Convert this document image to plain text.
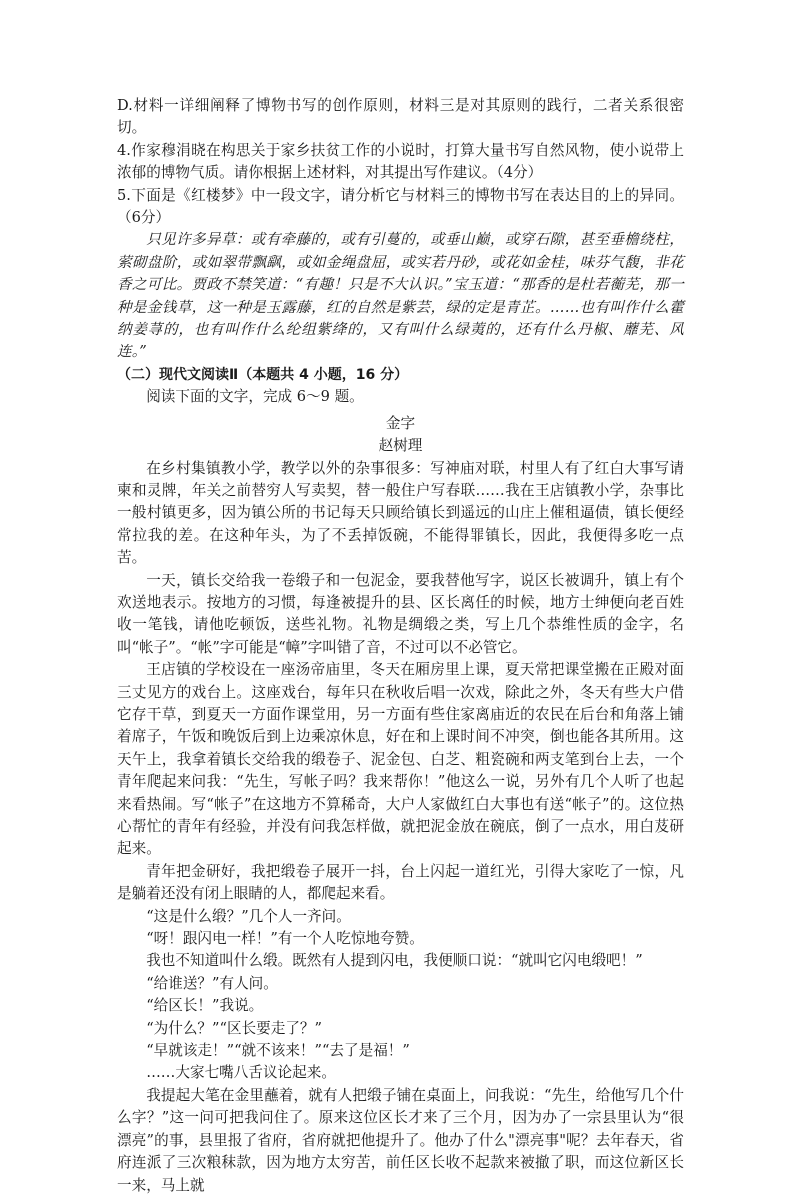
D.材料一详细阐释了博物书写的创作原则，材料三是对其原则的践行，二者关系很密切。

4.作家穆涓晓在构思关于家乡扶贫工作的小说时，打算大量书写自然风物，使小说带上浓郁的博物气质。请你根据上述材料，对其提出写作建议。（4分）

5.下面是《红楼梦》中一段文字，请分析它与材料三的博物书写在表达目的上的异同。（6分）

只见许多异草：或有牵藤的，或有引蔓的，或垂山巅，或穿石隙，甚至垂檐绕柱，萦砌盘阶，或如翠带飘飖，或如金绳盘屈，或实若丹砂，或花如金桂，味芬气馥，非花香之可比。贾政不禁笑道：“有趣！只是不大认识。”宝玉道：“那香的是杜若蘅芜，那一种是金钱草，这一种是玉露藤，红的自然是紫芸，绿的定是青芷。……也有叫作什么藿纳姜荨的，也有叫作什么纶组紫绛的，又有叫什么绿荑的，还有什么丹椒、蘼芜、风连。”

（二）现代文阅读Ⅱ（本题共 4 小题，16 分）

阅读下面的文字，完成 6～9 题。

金字

赵树理

在乡村集镇教小学，教学以外的杂事很多：写神庙对联，村里人有了红白大事写请柬和灵牌，年关之前替穷人写卖契，替一般住户写春联……我在王店镇教小学，杂事比一般村镇更多，因为镇公所的书记每天只顾给镇长到遥远的山庄上催租逼债，镇长便经常拉我的差。在这种年头，为了不丢掉饭碗，不能得罪镇长，因此，我便得多吃一点苦。

一天，镇长交给我一卷缎子和一包泥金，要我替他写字，说区长被调升，镇上有个欢送地表示。按地方的习惯，每逢被提升的县、区长离任的时候，地方士绅便向老百姓收一笔钱，请他吃顿饭，送些礼物。礼物是绸缎之类，写上几个恭维性质的金字，名叫“帐子”。“帐”字可能是“幛”字叫错了音，不过可以不必管它。

王店镇的学校设在一座汤帝庙里，冬天在厢房里上课，夏天常把课堂搬在正殿对面三丈见方的戏台上。这座戏台，每年只在秋收后唱一次戏，除此之外，冬天有些大户借它存干草，到夏天一方面作课堂用，另一方面有些住家离庙近的农民在后台和角落上铺着席子，午饭和晚饭后到上边乘凉休息，好在和上课时间不冲突，倒也能各其所用。这天午上，我拿着镇长交给我的缎卷子、泥金包、白芝、粗瓷碗和两支笔到台上去，一个青年爬起来问我：“先生，写帐子吗？我来帮你！”他这么一说，另外有几个人听了也起来看热闹。写“帐子”在这地方不算稀奇，大户人家做红白大事也有送“帐子”的。这位热心帮忙的青年有经验，并没有问我怎样做，就把泥金放在碗底，倒了一点水，用白芨研起来。

青年把金研好，我把缎卷子展开一抖，台上闪起一道红光，引得大家吃了一惊，凡是躺着还没有闭上眼睛的人，都爬起来看。

“这是什么缎？”几个人一齐问。

“呀！跟闪电一样！”有一个人吃惊地夸赞。

我也不知道叫什么缎。既然有人提到闪电，我便顺口说：“就叫它闪电缎吧！”

“给谁送？”有人问。

“给区长！”我说。

“为什么？”“区长要走了？”

“早就该走！”“就不该来！”“去了是福！”

……大家七嘴八舌议论起来。

我提起大笔在金里蘸着，就有人把缎子铺在桌面上，问我说：“先生，给他写几个什么字？”这一问可把我问住了。原来这位区长才来了三个月，因为办了一宗县里认为“很漂亮”的事，县里报了省府，省府就把他提升了。他办了什么"漂亮事"呢？去年春天，省府连派了三次粮秣款，因为地方太穷苦，前任区长收不起款来被撤了职，而这位新区长一来，马上就
